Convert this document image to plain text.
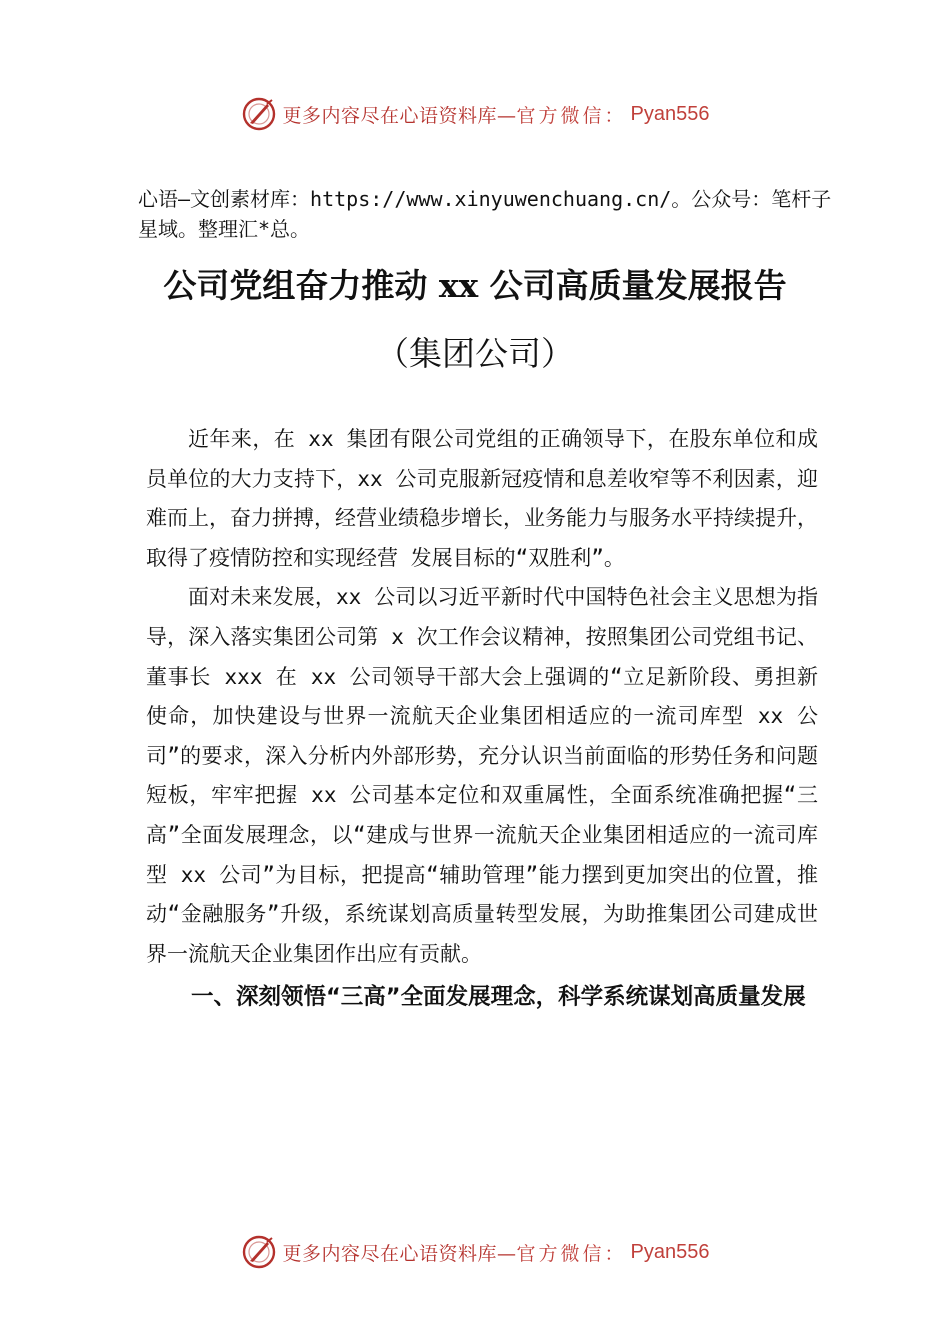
更多内容尽在心语资料库— 官方微信： Pyan556

心语—文创素材库：https://www.xinyuwenchuang.cn/。公众号：笔杆子星域。整理汇*总。

公司党组奋力推动 xx 公司高质量发展报告
（集团公司）

近年来，在 xx 集团有限公司党组的正确领导下，在股东单位和成员单位的大力支持下，xx 公司克服新冠疫情和息差收窄等不利因素，迎难而上，奋力拼搏，经营业绩稳步增长，业务能力与服务水平持续提升，取得了疫情防控和实现经营 发展目标的“双胜利”。

面对未来发展，xx 公司以习近平新时代中国特色社会主义思想为指导，深入落实集团公司第 x 次工作会议精神，按照集团公司党组书记、董事长 xxx 在 xx 公司领导干部大会上强调的“立足新阶段、勇担新使命，加快建设与世界一流航天企业集团相适应的一流司库型 xx 公司”的要求，深入分析内外部形势，充分认识当前面临的形势任务和问题短板，牢牢把握 xx 公司基本定位和双重属性，全面系统准确把握“三高”全面发展理念，以“建成与世界一流航天企业集团相适应的一流司库型 xx 公司”为目标，把提高“辅助管理”能力摆到更加突出的位置，推动“金融服务”升级，系统谋划高质量转型发展，为助推集团公司建成世界一流航天企业集团作出应有贡献。

一、深刻领悟“三高”全面发展理念，科学系统谋划高质量发展
更多内容尽在心语资料库— 官方微信： Pyan556
